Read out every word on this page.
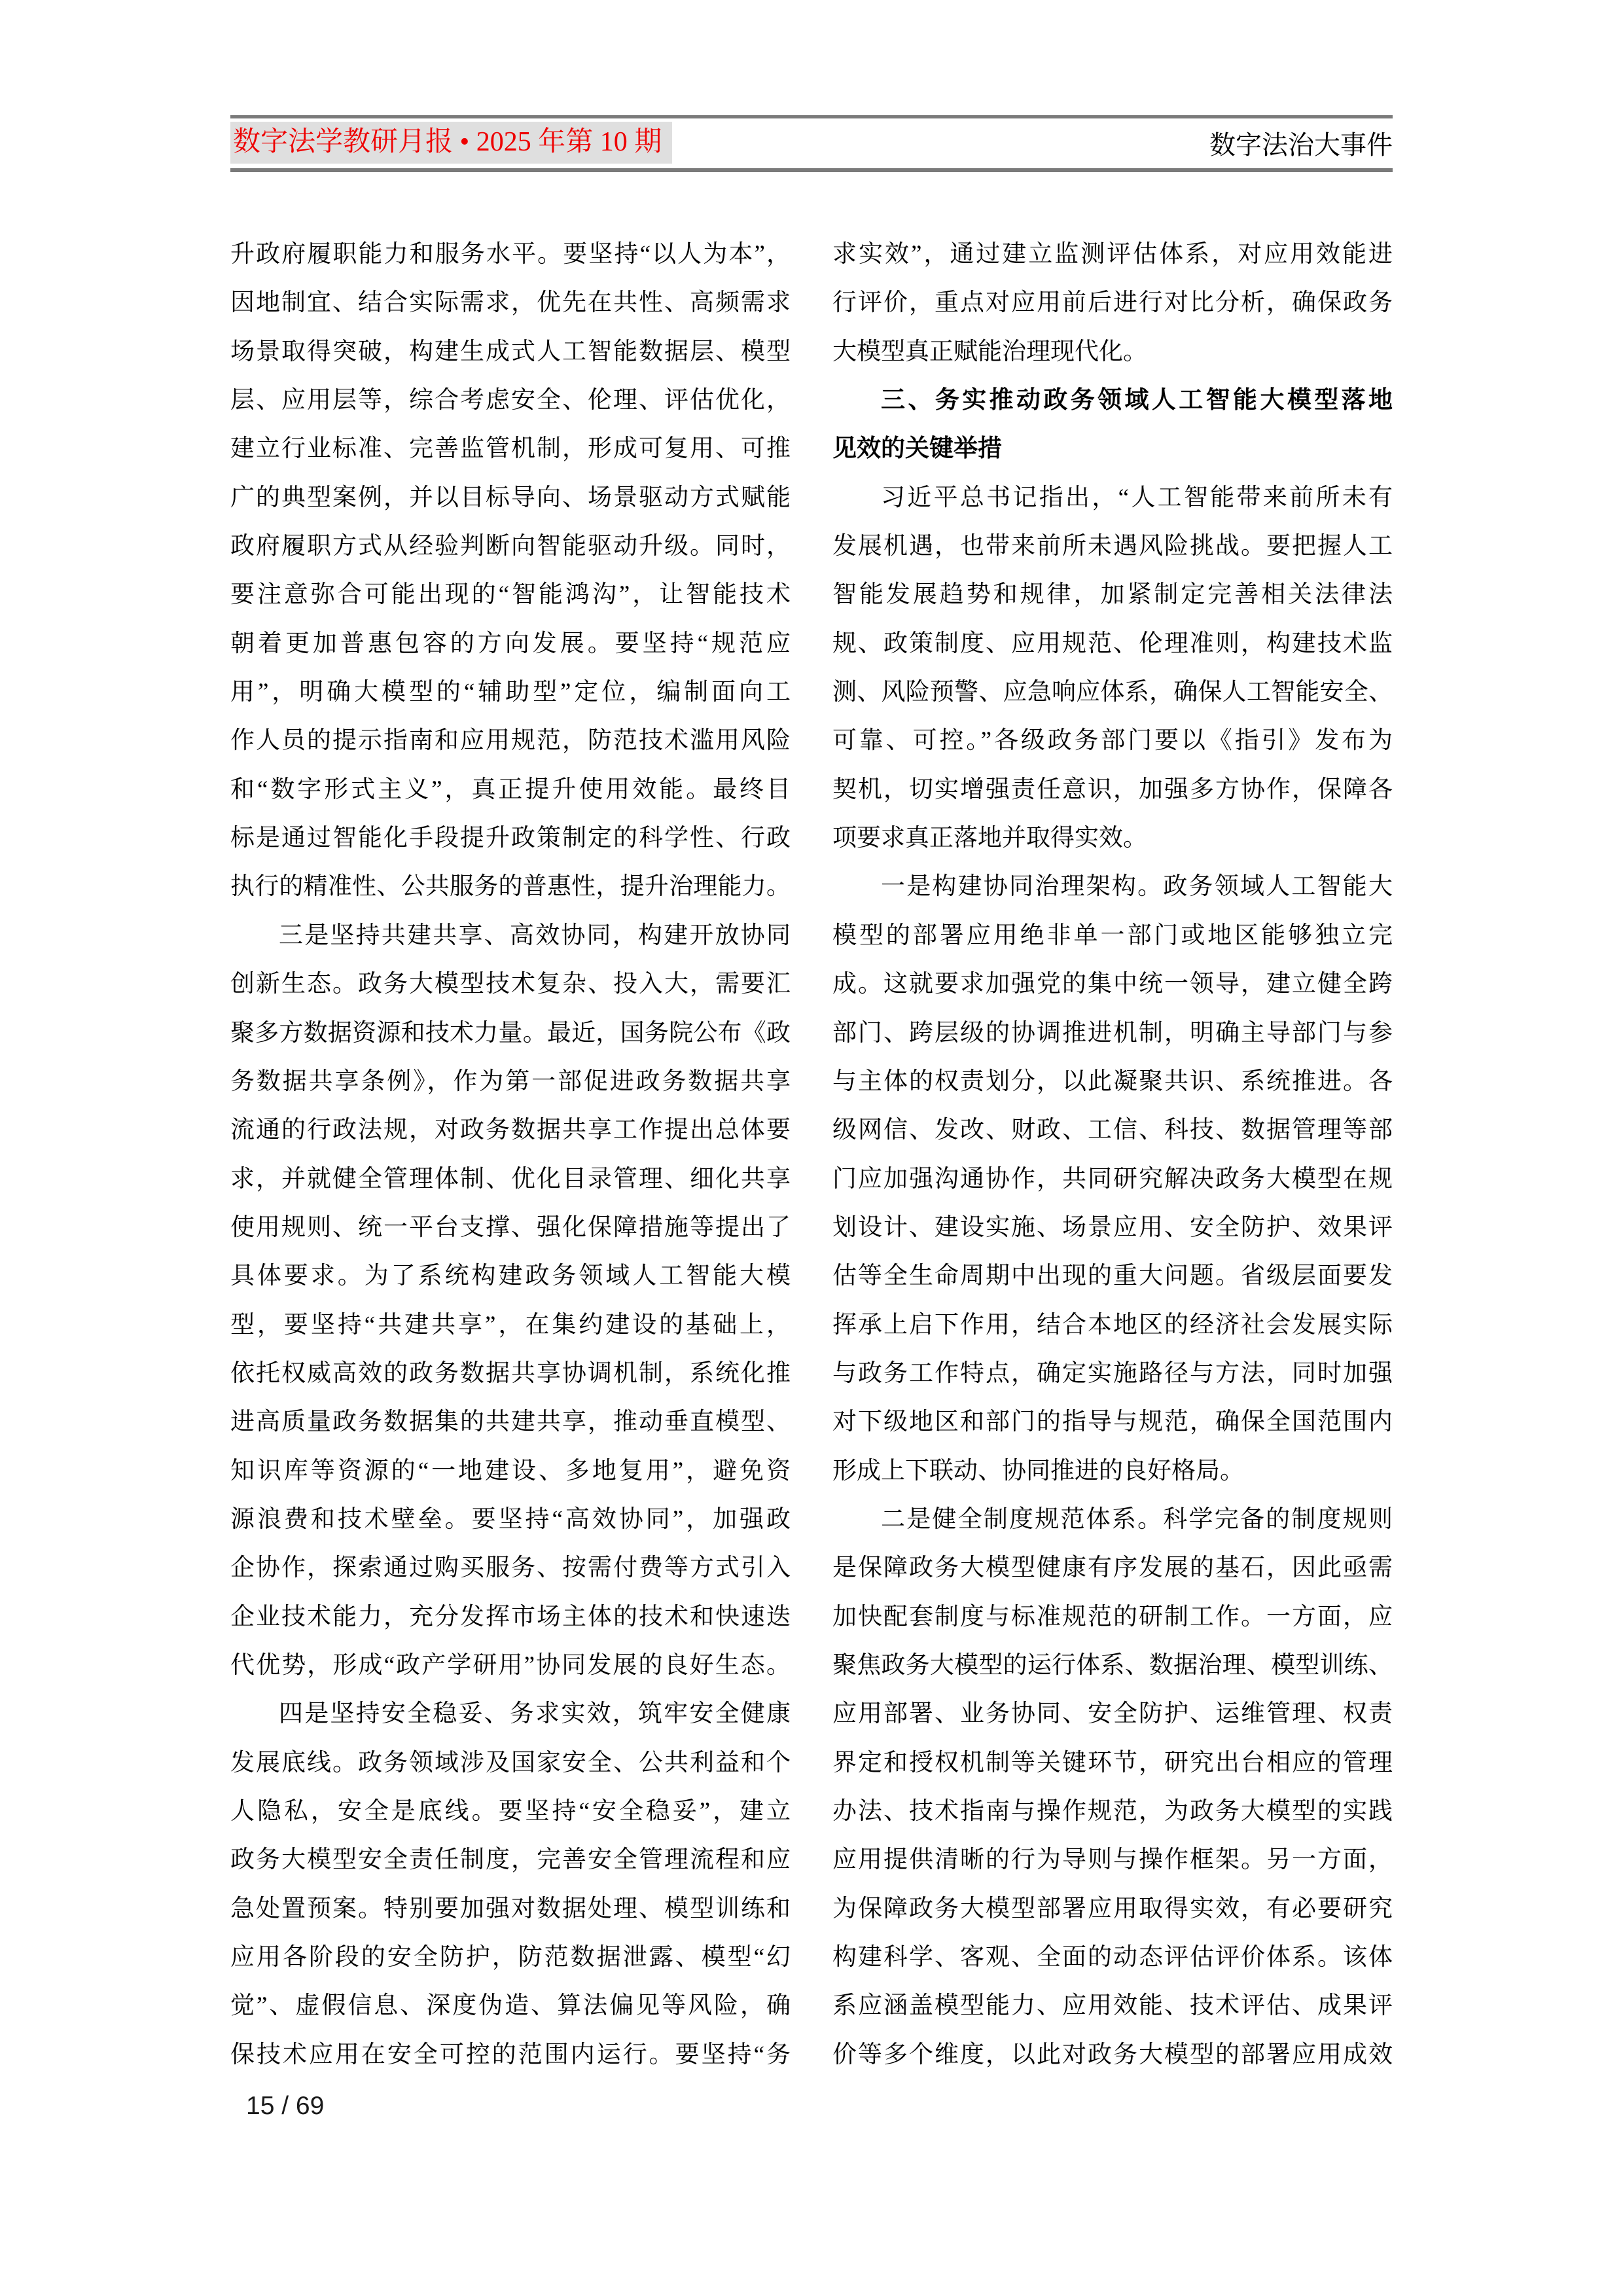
数字法学教研月报 • 2025 年第 10 期	数字法治大事件
升政府履职能力和服务水平。要坚持“以人为本”，
因地制宜、结合实际需求，优先在共性、高频需求
场景取得突破，构建生成式人工智能数据层、模型
层、应用层等，综合考虑安全、伦理、评估优化，
建立行业标准、完善监管机制，形成可复用、可推
广的典型案例，并以目标导向、场景驱动方式赋能
政府履职方式从经验判断向智能驱动升级。同时，
要注意弥合可能出现的“智能鸿沟”，让智能技术
朝着更加普惠包容的方向发展。要坚持“规范应
用”，明确大模型的“辅助型”定位，编制面向工
作人员的提示指南和应用规范，防范技术滥用风险
和“数字形式主义”，真正提升使用效能。最终目
标是通过智能化手段提升政策制定的科学性、行政
执行的精准性、公共服务的普惠性，提升治理能力。
三是坚持共建共享、高效协同，构建开放协同
创新生态。政务大模型技术复杂、投入大，需要汇
聚多方数据资源和技术力量。最近，国务院公布《政
务数据共享条例》，作为第一部促进政务数据共享
流通的行政法规，对政务数据共享工作提出总体要
求，并就健全管理体制、优化目录管理、细化共享
使用规则、统一平台支撑、强化保障措施等提出了
具体要求。为了系统构建政务领域人工智能大模
型，要坚持“共建共享”，在集约建设的基础上，
依托权威高效的政务数据共享协调机制，系统化推
进高质量政务数据集的共建共享，推动垂直模型、
知识库等资源的“一地建设、多地复用”，避免资
源浪费和技术壁垒。要坚持“高效协同”，加强政
企协作，探索通过购买服务、按需付费等方式引入
企业技术能力，充分发挥市场主体的技术和快速迭
代优势，形成“政产学研用”协同发展的良好生态。
四是坚持安全稳妥、务求实效，筑牢安全健康
发展底线。政务领域涉及国家安全、公共利益和个
人隐私，安全是底线。要坚持“安全稳妥”，建立
政务大模型安全责任制度，完善安全管理流程和应
急处置预案。特别要加强对数据处理、模型训练和
应用各阶段的安全防护，防范数据泄露、模型“幻
觉”、虚假信息、深度伪造、算法偏见等风险，确
保技术应用在安全可控的范围内运行。要坚持“务
求实效”，通过建立监测评估体系，对应用效能进
行评价，重点对应用前后进行对比分析，确保政务
大模型真正赋能治理现代化。
三、务实推动政务领域人工智能大模型落地
见效的关键举措
习近平总书记指出，“人工智能带来前所未有
发展机遇，也带来前所未遇风险挑战。要把握人工
智能发展趋势和规律，加紧制定完善相关法律法
规、政策制度、应用规范、伦理准则，构建技术监
测、风险预警、应急响应体系，确保人工智能安全、
可靠、可控。”各级政务部门要以《指引》发布为
契机，切实增强责任意识，加强多方协作，保障各
项要求真正落地并取得实效。
一是构建协同治理架构。政务领域人工智能大
模型的部署应用绝非单一部门或地区能够独立完
成。这就要求加强党的集中统一领导，建立健全跨
部门、跨层级的协调推进机制，明确主导部门与参
与主体的权责划分，以此凝聚共识、系统推进。各
级网信、发改、财政、工信、科技、数据管理等部
门应加强沟通协作，共同研究解决政务大模型在规
划设计、建设实施、场景应用、安全防护、效果评
估等全生命周期中出现的重大问题。省级层面要发
挥承上启下作用，结合本地区的经济社会发展实际
与政务工作特点，确定实施路径与方法，同时加强
对下级地区和部门的指导与规范，确保全国范围内
形成上下联动、协同推进的良好格局。
二是健全制度规范体系。科学完备的制度规则
是保障政务大模型健康有序发展的基石，因此亟需
加快配套制度与标准规范的研制工作。一方面，应
聚焦政务大模型的运行体系、数据治理、模型训练、
应用部署、业务协同、安全防护、运维管理、权责
界定和授权机制等关键环节，研究出台相应的管理
办法、技术指南与操作规范，为政务大模型的实践
应用提供清晰的行为导则与操作框架。另一方面，
为保障政务大模型部署应用取得实效，有必要研究
构建科学、客观、全面的动态评估评价体系。该体
系应涵盖模型能力、应用效能、技术评估、成果评
价等多个维度，以此对政务大模型的部署应用成效
15 / 69
